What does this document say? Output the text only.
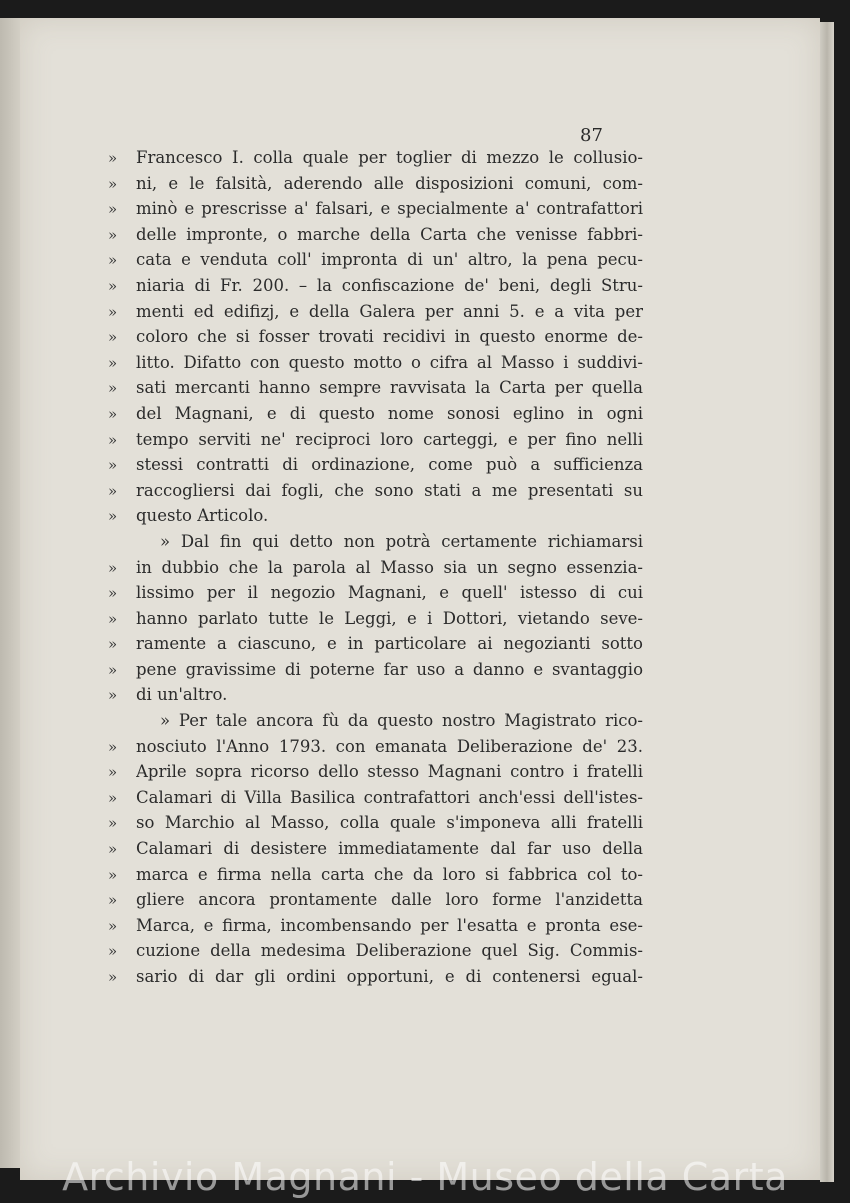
87
»	Francesco I. colla quale per toglier di mezzo le collusio-
»	ni, e le falsità, aderendo alle disposizioni comuni, com-
»	minò e prescrisse a' falsari, e specialmente a' contrafattori
»	delle impronte, o marche della Carta che venisse fabbri-
»	cata e venduta coll' impronta di un' altro, la pena pecu-
»	niaria di Fr. 200. – la confiscazione de' beni, degli Stru-
»	menti ed edifizj, e della Galera per anni 5. e a vita per
»	coloro che si fosser trovati recidivi in questo enorme de-
»	litto. Difatto con questo motto o cifra al Masso i suddivi-
»	sati mercanti hanno sempre ravvisata la Carta per quella
»	del Magnani, e di questo nome sonosi eglino in ogni
»	tempo serviti ne' reciproci loro carteggi, e per fino nelli
»	stessi contratti di ordinazione, come può a sufficienza
»	raccogliersi dai fogli, che sono stati a me presentati su
»	questo Articolo.
» Dal fin qui detto non potrà certamente richiamarsi
»	in dubbio che la parola al Masso sia un segno essenzia-
»	lissimo per il negozio Magnani, e quell' istesso di cui
»	hanno parlato tutte le Leggi, e i Dottori, vietando seve-
»	ramente a ciascuno, e in particolare ai negozianti sotto
»	pene gravissime di poterne far uso a danno e svantaggio
»	di un'altro.
» Per tale ancora fù da questo nostro Magistrato rico-
»	nosciuto l'Anno 1793. con emanata Deliberazione de' 23.
»	Aprile sopra ricorso dello stesso Magnani contro i fratelli
»	Calamari di Villa Basilica contrafattori anch'essi dell'istes-
»	so Marchio al Masso, colla quale s'imponeva alli fratelli
»	Calamari di desistere immediatamente dal far uso della
»	marca e firma nella carta che da loro si fabbrica col to-
»	gliere ancora prontamente dalle loro forme l'anzidetta
»	Marca, e firma, incombensando per l'esatta e pronta ese-
»	cuzione della medesima Deliberazione quel Sig. Commis-
»	sario di dar gli ordini opportuni, e di contenersi egual-
Archivio Magnani - Museo della Carta
